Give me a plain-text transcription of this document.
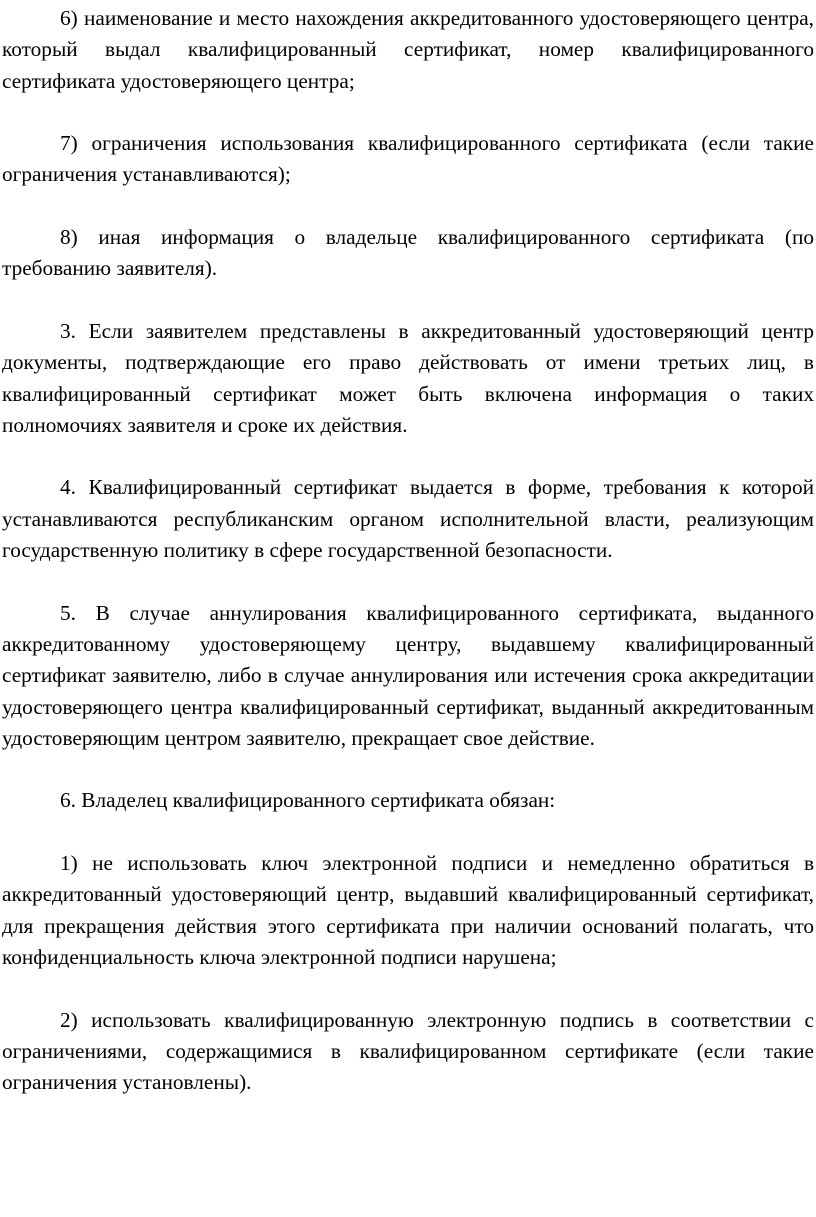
6) наименование и место нахождения аккредитованного удостоверяющего центра, который выдал квалифицированный сертификат, номер квалифицированного сертификата удостоверяющего центра;

7) ограничения использования квалифицированного сертификата (если такие ограничения устанавливаются);

8) иная информация о владельце квалифицированного сертификата (по требованию заявителя).

3. Если заявителем представлены в аккредитованный удостоверяющий центр документы, подтверждающие его право действовать от имени третьих лиц, в квалифицированный сертификат может быть включена информация о таких полномочиях заявителя и сроке их действия.

4. Квалифицированный сертификат выдается в форме, требования к которой устанавливаются республиканским органом исполнительной власти, реализующим государственную политику в сфере государственной безопасности.

5. В случае аннулирования квалифицированного сертификата, выданного аккредитованному удостоверяющему центру, выдавшему квалифицированный сертификат заявителю, либо в случае аннулирования или истечения срока аккредитации удостоверяющего центра квалифицированный сертификат, выданный аккредитованным удостоверяющим центром заявителю, прекращает свое действие.

6. Владелец квалифицированного сертификата обязан:

1) не использовать ключ электронной подписи и немедленно обратиться в аккредитованный удостоверяющий центр, выдавший квалифицированный сертификат, для прекращения действия этого сертификата при наличии оснований полагать, что конфиденциальность ключа электронной подписи нарушена;

2) использовать квалифицированную электронную подпись в соответствии с ограничениями, содержащимися в квалифицированном сертификате (если такие ограничения установлены).
